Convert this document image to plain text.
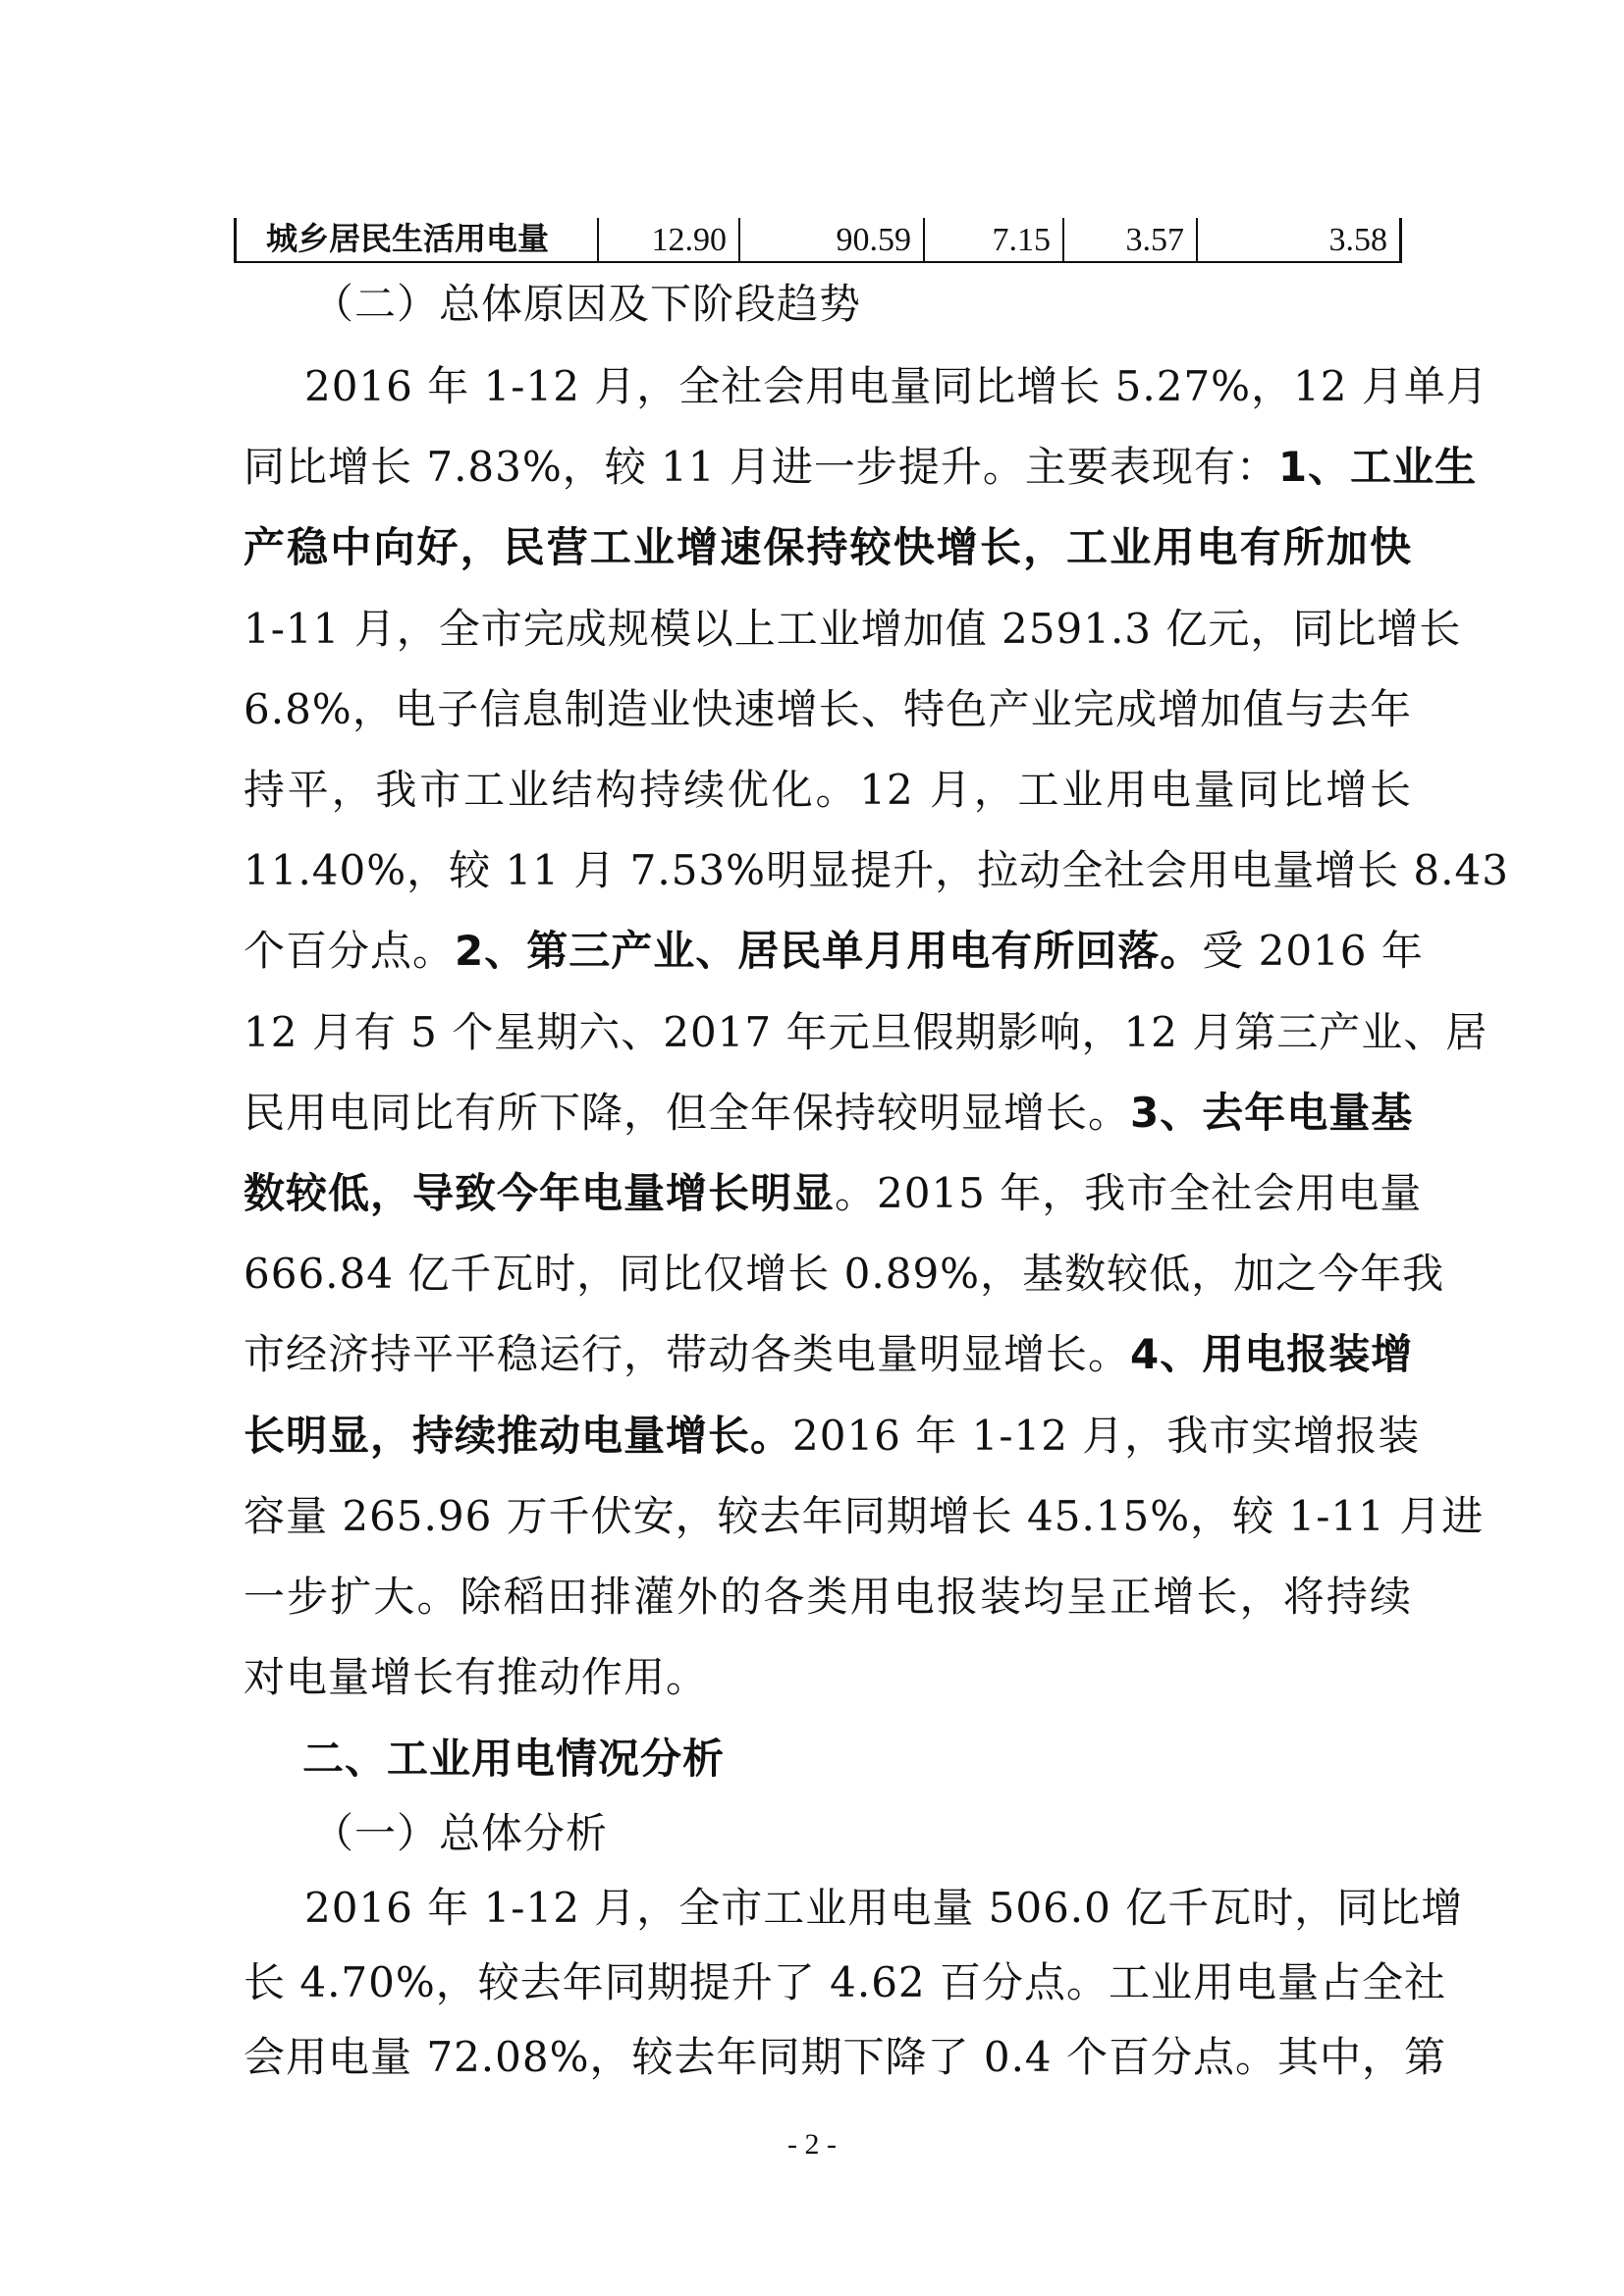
城乡居民生活用电量	12.90	90.59	7.15	3.57	3.58
（二）总体原因及下阶段趋势
2016 年 1-12 月，全社会用电量同比增长 5.27%，12 月单月
同比增长 7.83%，较 11 月进一步提升。主要表现有：1、工业生
产稳中向好，民营工业增速保持较快增长，工业用电有所加快
1-11 月，全市完成规模以上工业增加值 2591.3 亿元，同比增长
6.8%，电子信息制造业快速增长、特色产业完成增加值与去年
持平，我市工业结构持续优化。12 月，工业用电量同比增长
11.40%，较 11 月 7.53%明显提升，拉动全社会用电量增长 8.43
个百分点。2、第三产业、居民单月用电有所回落。受 2016 年
12 月有 5 个星期六、2017 年元旦假期影响，12 月第三产业、居
民用电同比有所下降，但全年保持较明显增长。3、去年电量基
数较低，导致今年电量增长明显。2015 年，我市全社会用电量
666.84 亿千瓦时，同比仅增长 0.89%，基数较低，加之今年我
市经济持平平稳运行，带动各类电量明显增长。4、用电报装增
长明显，持续推动电量增长。2016 年 1-12 月，我市实增报装
容量 265.96 万千伏安，较去年同期增长 45.15%，较 1-11 月进
一步扩大。除稻田排灌外的各类用电报装均呈正增长，将持续
对电量增长有推动作用。
二、工业用电情况分析
（一）总体分析
2016 年 1-12 月，全市工业用电量 506.0 亿千瓦时，同比增
长 4.70%，较去年同期提升了 4.62 百分点。工业用电量占全社
会用电量 72.08%，较去年同期下降了 0.4 个百分点。其中，第
- 2 -
